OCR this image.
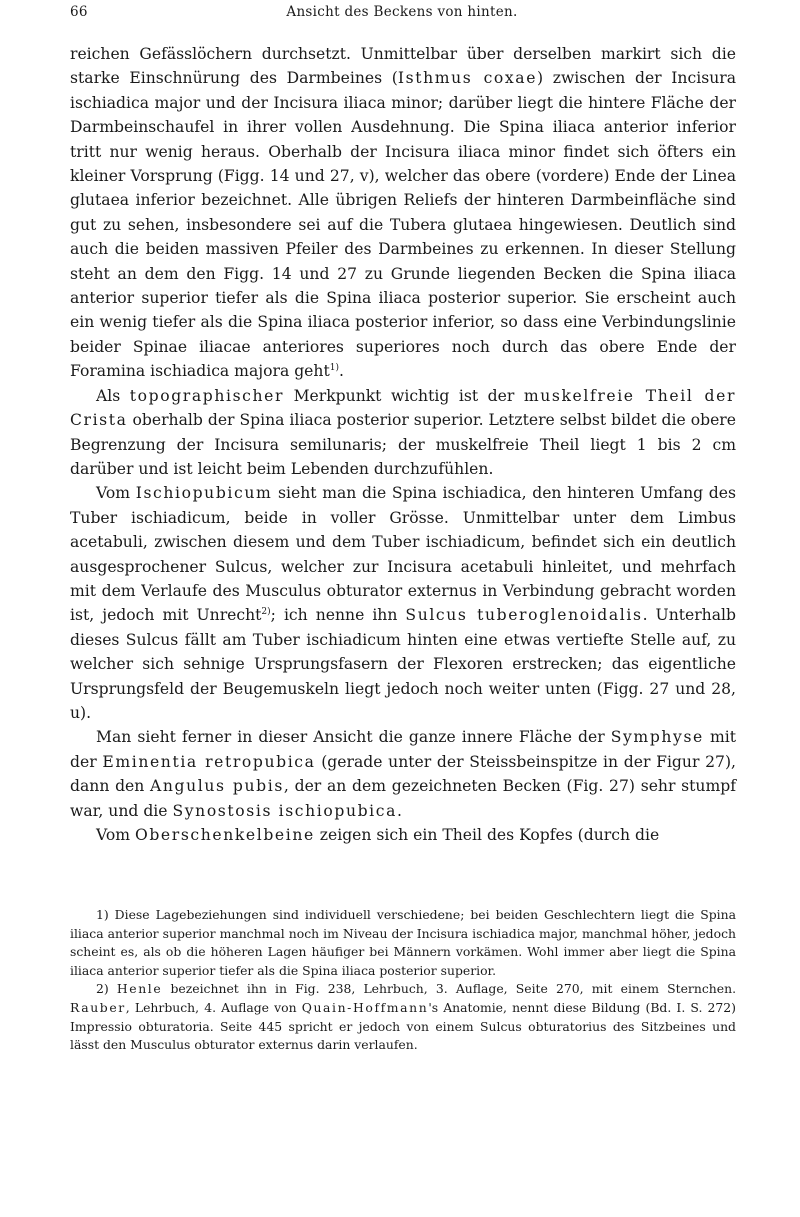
66	Ansicht des Beckens von hinten.

reichen Gefässlöchern durchsetzt. Unmittelbar über derselben markirt sich die starke Einschnürung des Darmbeines (Isthmus coxae) zwischen der Incisura ischiadica major und der Incisura iliaca minor; darüber liegt die hintere Fläche der Darmbeinschaufel in ihrer vollen Ausdehnung. Die Spina iliaca anterior inferior tritt nur wenig heraus. Oberhalb der Incisura iliaca minor findet sich öfters ein kleiner Vorsprung (Figg. 14 und 27, v), welcher das obere (vordere) Ende der Linea glutaea inferior bezeichnet. Alle übrigen Reliefs der hinteren Darmbeinfläche sind gut zu sehen, insbesondere sei auf die Tubera glutaea hingewiesen. Deutlich sind auch die beiden massiven Pfeiler des Darmbeines zu erkennen. In dieser Stellung steht an dem den Figg. 14 und 27 zu Grunde liegenden Becken die Spina iliaca anterior superior tiefer als die Spina iliaca posterior superior. Sie erscheint auch ein wenig tiefer als die Spina iliaca posterior inferior, so dass eine Verbindungslinie beider Spinae iliacae anteriores superiores noch durch das obere Ende der Foramina ischiadica majora geht$^{1)}$.

Als topographischer Merkpunkt wichtig ist der muskelfreie Theil der Crista oberhalb der Spina iliaca posterior superior. Letztere selbst bildet die obere Begrenzung der Incisura semilunaris; der muskelfreie Theil liegt 1 bis 2 cm darüber und ist leicht beim Lebenden durchzufühlen.

Vom Ischiopubicum sieht man die Spina ischiadica, den hinteren Umfang des Tuber ischiadicum, beide in voller Grösse. Unmittelbar unter dem Limbus acetabuli, zwischen diesem und dem Tuber ischiadicum, befindet sich ein deutlich ausgesprochener Sulcus, welcher zur Incisura acetabuli hinleitet, und mehrfach mit dem Verlaufe des Musculus obturator externus in Verbindung gebracht worden ist, jedoch mit Unrecht$^{2)}$; ich nenne ihn Sulcus tuberoglenoidalis. Unterhalb dieses Sulcus fällt am Tuber ischiadicum hinten eine etwas vertiefte Stelle auf, zu welcher sich sehnige Ursprungsfasern der Flexoren erstrecken; das eigentliche Ursprungsfeld der Beugemuskeln liegt jedoch noch weiter unten (Figg. 27 und 28, u).

Man sieht ferner in dieser Ansicht die ganze innere Fläche der Symphyse mit der Eminentia retropubica (gerade unter der Steissbeinspitze in der Figur 27), dann den Angulus pubis, der an dem gezeichneten Becken (Fig. 27) sehr stumpf war, und die Synostosis ischiopubica.

Vom Oberschenkelbeine zeigen sich ein Theil des Kopfes (durch die

1) Diese Lagebeziehungen sind individuell verschiedene; bei beiden Geschlechtern liegt die Spina iliaca anterior superior manchmal noch im Niveau der Incisura ischiadica major, manchmal höher, jedoch scheint es, als ob die höheren Lagen häufiger bei Männern vorkämen. Wohl immer aber liegt die Spina iliaca anterior superior tiefer als die Spina iliaca posterior superior.

2) Henle bezeichnet ihn in Fig. 238, Lehrbuch, 3. Auflage, Seite 270, mit einem Sternchen. Rauber, Lehrbuch, 4. Auflage von Quain-Hoffmann's Anatomie, nennt diese Bildung (Bd. I. S. 272) Impressio obturatoria. Seite 445 spricht er jedoch von einem Sulcus obturatorius des Sitzbeines und lässt den Musculus obturator externus darin verlaufen.
